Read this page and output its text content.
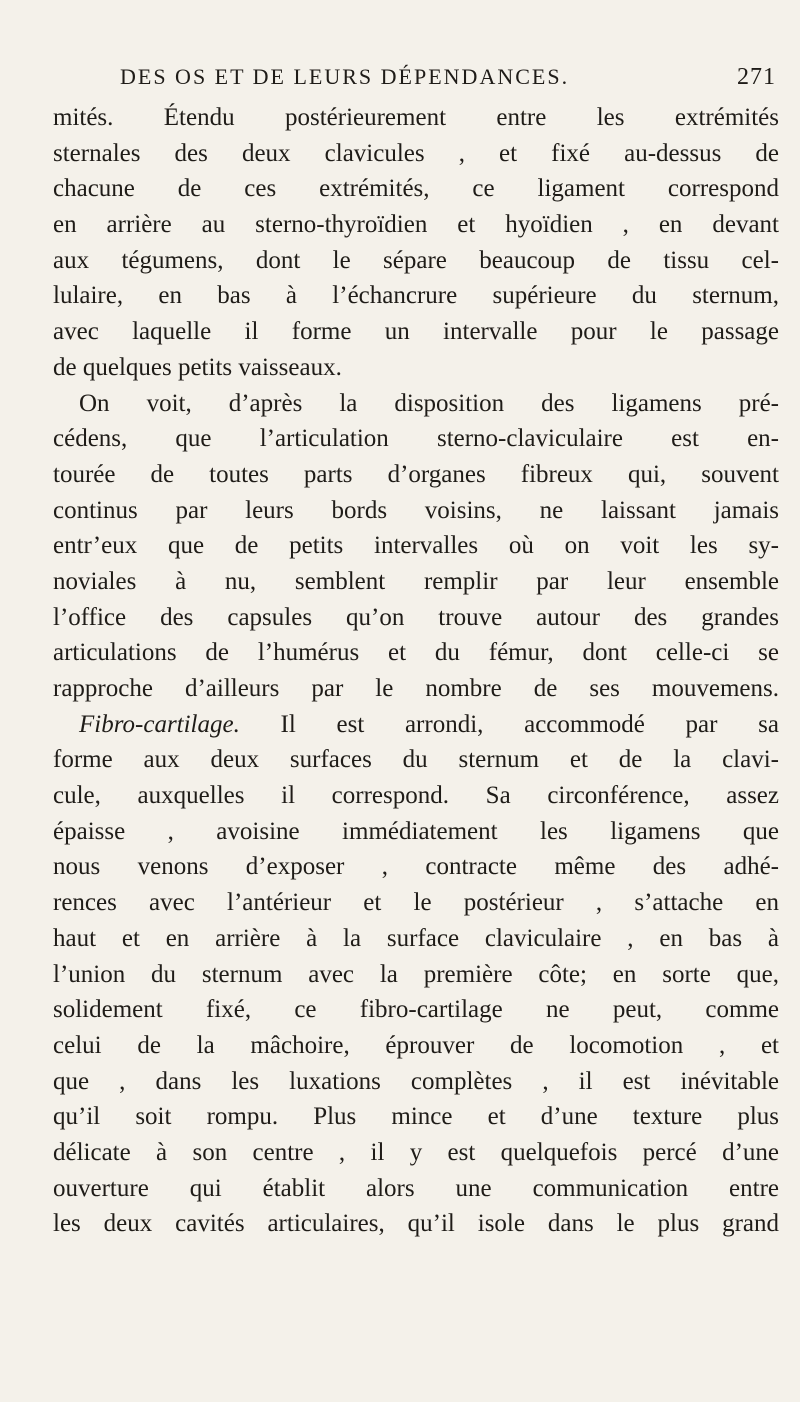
DES OS ET DE LEURS DÉPENDANCES.	271
mités. Étendu postérieurement entre les extrémités
sternales des deux clavicules , et fixé au-dessus de
chacune de ces extrémités, ce ligament correspond
en arrière au sterno-thyroïdien et hyoïdien , en devant
aux tégumens, dont le sépare beaucoup de tissu cel-
lulaire, en bas à l’échancrure supérieure du sternum,
avec laquelle il forme un intervalle pour le passage
de quelques petits vaisseaux.
On voit, d’après la disposition des ligamens pré-
cédens, que l’articulation sterno-claviculaire est en-
tourée de toutes parts d’organes fibreux qui, souvent
continus par leurs bords voisins, ne laissant jamais
entr’eux que de petits intervalles où on voit les sy-
noviales à nu, semblent remplir par leur ensemble
l’office des capsules qu’on trouve autour des grandes
articulations de l’humérus et du fémur, dont celle-ci se
rapproche d’ailleurs par le nombre de ses mouvemens.
Fibro-cartilage. Il est arrondi, accommodé par sa
forme aux deux surfaces du sternum et de la clavi-
cule, auxquelles il correspond. Sa circonférence, assez
épaisse , avoisine immédiatement les ligamens que
nous venons d’exposer , contracte même des adhé-
rences avec l’antérieur et le postérieur , s’attache en
haut et en arrière à la surface claviculaire , en bas à
l’union du sternum avec la première côte; en sorte que,
solidement fixé, ce fibro-cartilage ne peut, comme
celui de la mâchoire, éprouver de locomotion , et
que , dans les luxations complètes , il est inévitable
qu’il soit rompu. Plus mince et d’une texture plus
délicate à son centre , il y est quelquefois percé d’une
ouverture qui établit alors une communication entre
les deux cavités articulaires, qu’il isole dans le plus grand
